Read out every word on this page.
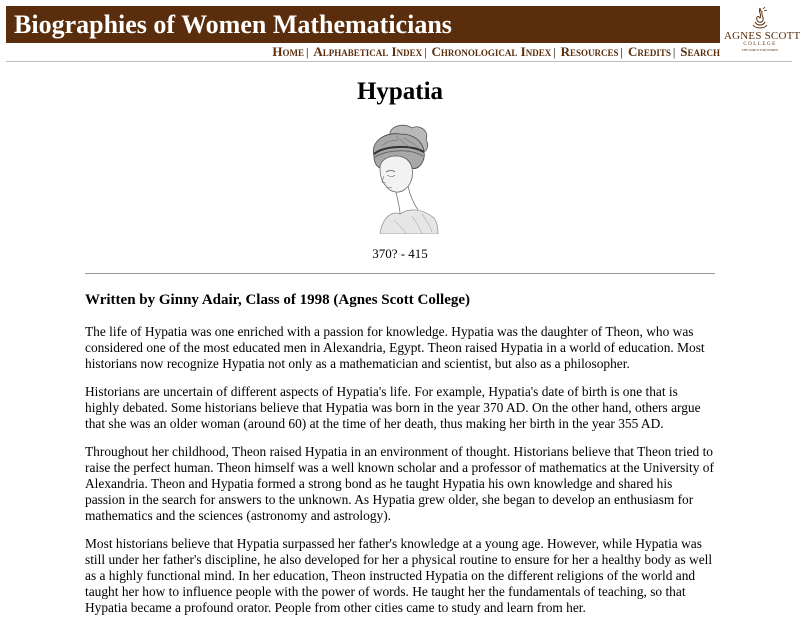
Biographies of Women Mathematicians	AGNES SCOTT
COLLEGE
THE WORLD FOR WOMEN
Home | Alphabetical Index | Chronological Index | Resources | Credits | Search
Hypatia
370? - 415
Written by Ginny Adair, Class of 1998 (Agnes Scott College)

The life of Hypatia was one enriched with a passion for knowledge. Hypatia was the daughter of Theon, who was considered one of the most educated men in Alexandria, Egypt. Theon raised Hypatia in a world of education. Most historians now recognize Hypatia not only as a mathematician and scientist, but also as a philosopher.

Historians are uncertain of different aspects of Hypatia's life. For example, Hypatia's date of birth is one that is highly debated. Some historians believe that Hypatia was born in the year 370 AD. On the other hand, others argue that she was an older woman (around 60) at the time of her death, thus making her birth in the year 355 AD.

Throughout her childhood, Theon raised Hypatia in an environment of thought. Historians believe that Theon tried to raise the perfect human. Theon himself was a well known scholar and a professor of mathematics at the University of Alexandria. Theon and Hypatia formed a strong bond as he taught Hypatia his own knowledge and shared his passion in the search for answers to the unknown. As Hypatia grew older, she began to develop an enthusiasm for mathematics and the sciences (astronomy and astrology).

Most historians believe that Hypatia surpassed her father's knowledge at a young age. However, while Hypatia was still under her father's discipline, he also developed for her a physical routine to ensure for her a healthy body as well as a highly functional mind. In her education, Theon instructed Hypatia on the different religions of the world and taught her how to influence people with the power of words. He taught her the fundamentals of teaching, so that Hypatia became a profound orator. People from other cities came to study and learn from her.
